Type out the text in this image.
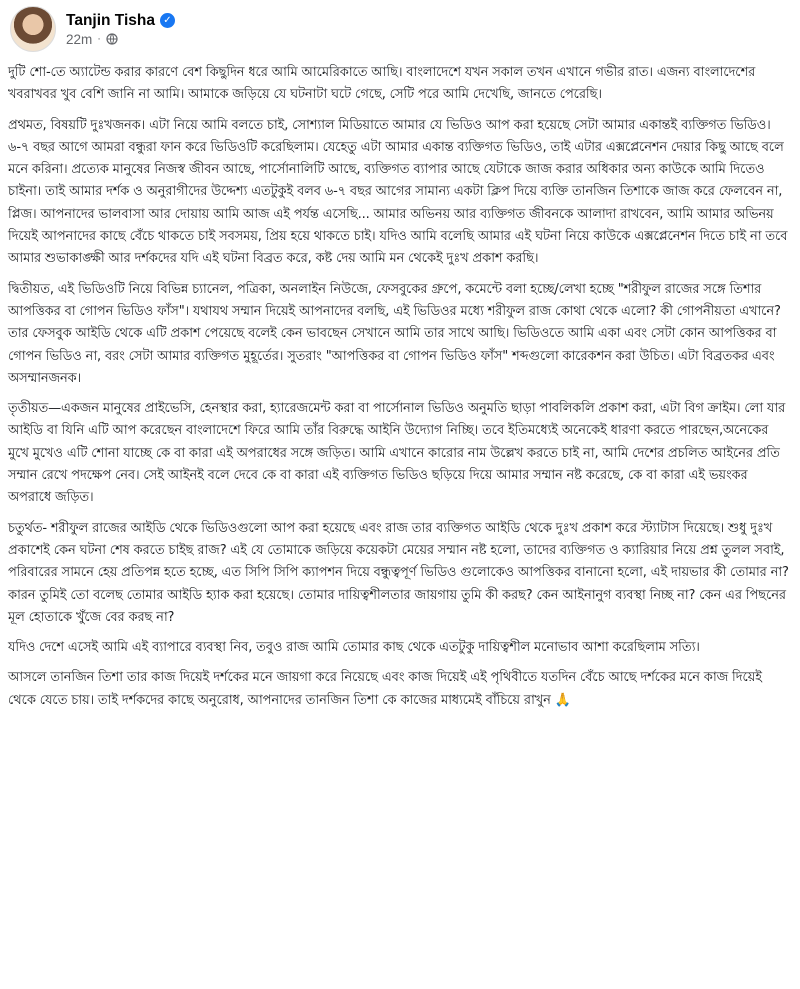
Tanjin Tisha ✓
22m ·

দুটি শো-তে অ্যাটেন্ড করার কারণে বেশ কিছুদিন ধরে আমি আমেরিকাতে আছি। বাংলাদেশে যখন সকাল তখন এখানে গভীর রাত। এজন্য বাংলাদেশের খবরাখবর খুব বেশি জানি না আমি। আমাকে জড়িয়ে যে ঘটনাটা ঘটে গেছে, সেটি পরে আমি দেখেছি, জানতে পেরেছি।

প্রথমত, বিষয়টি দুঃখজনক। এটা নিয়ে আমি বলতে চাই, সোশ্যাল মিডিয়াতে আমার যে ভিডিও আপ করা হয়েছে সেটা আমার একান্তই ব্যক্তিগত ভিডিও। ৬-৭ বছর আগে আমরা বন্ধুরা ফান করে ভিডিওটি করেছিলাম। যেহেতু এটা আমার একান্ত ব্যক্তিগত ভিডিও, তাই এটার এক্সপ্লেনেশন দেয়ার কিছু আছে বলে মনে করিনা। প্রত্যেক মানুষের নিজস্ব জীবন আছে, পার্সোনালিটি আছে, ব্যক্তিগত ব্যাপার আছে যেটাকে জাজ করার অধিকার অন্য কাউকে আমি দিতেও চাইনা। তাই আমার দর্শক ও অনুরাগীদের উদ্দেশ্য এতটুকুই বলব ৬-৭ বছর আগের সামান্য একটা ক্লিপ দিয়ে ব্যক্তি তানজিন তিশাকে জাজ করে ফেলবেন না, প্লিজ। আপনাদের ভালবাসা আর দোয়ায় আমি আজ এই পর্যন্ত এসেছি... আমার অভিনয় আর ব্যক্তিগত জীবনকে আলাদা রাখবেন, আমি আমার অভিনয় দিয়েই আপনাদের কাছে বেঁচে থাকতে চাই সবসময়, প্রিয় হয়ে থাকতে চাই। যদিও আমি বলেছি আমার এই ঘটনা নিয়ে কাউকে এক্সপ্লেনেশন দিতে চাই না তবে আমার শুভাকাঙ্ক্ষী আর দর্শকদের যদি এই ঘটনা বিব্রত করে, কষ্ট দেয় আমি মন থেকেই দুঃখ প্রকাশ করছি।

দ্বিতীয়ত, এই ভিডিওটি নিয়ে বিভিন্ন চ্যানেল, পত্রিকা, অনলাইন নিউজে, ফেসবুকের গ্রুপে, কমেন্টে বলা হচ্ছে/লেখা হচ্ছে "শরীফুল রাজের সঙ্গে তিশার আপত্তিকর বা গোপন ভিডিও ফাঁস"। যথাযথ সম্মান দিয়েই আপনাদের বলছি, এই ভিডিওর মধ্যে শরীফুল রাজ কোথা থেকে এলো? কী গোপনীয়তা এখানে? তার ফেসবুক আইডি থেকে এটি প্রকাশ পেয়েছে বলেই কেন ভাবছেন সেখানে আমি তার সাথে আছি। ভিডিওতে আমি একা এবং সেটা কোন আপত্তিকর বা গোপন ভিডিও না, বরং সেটা আমার ব্যক্তিগত মুহূর্তের। সুতরাং "আপত্তিকর বা গোপন ভিডিও ফাঁস" শব্দগুলো কারেকশন করা উচিত। এটা বিব্রতকর এবং অসম্মানজনক।

তৃতীয়ত—একজন মানুষের প্রাইভেসি, হেনস্থার করা, হ্যারেজমেন্ট করা বা পার্সোনাল ভিডিও অনুমতি ছাড়া পাবলিকলি প্রকাশ করা, এটা বিগ ক্রাইম। লো যার আইডি বা যিনি এটি আপ করেছেন বাংলাদেশে ফিরে আমি তাঁর বিরুদ্ধে আইনি উদ্যোগ নিচ্ছি। তবে ইতিমধ্যেই অনেকেই ধারণা করতে পারছেন,অনেকের মুখে মুখেও এটি শোনা যাচ্ছে কে বা কারা এই অপরাধের সঙ্গে জড়িত। আমি এখানে কারোর নাম উল্লেখ করতে চাই না, আমি দেশের প্রচলিত আইনের প্রতি সম্মান রেখে পদক্ষেপ নেব। সেই আইনই বলে দেবে কে বা কারা এই ব্যক্তিগত ভিডিও ছড়িয়ে দিয়ে আমার সম্মান নষ্ট করেছে, কে বা কারা এই ভয়ংকর অপরাধে জড়িত।

চতুর্থত- শরীফুল রাজের আইডি থেকে ভিডিওগুলো আপ করা হয়েছে এবং রাজ তার ব্যক্তিগত আইডি থেকে দুঃখ প্রকাশ করে স্ট্যাটাস দিয়েছে। শুধু দুঃখ প্রকাশেই কেন ঘটনা শেষ করতে চাইছ রাজ? এই যে তোমাকে জড়িয়ে কয়েকটা মেয়ের সম্মান নষ্ট হলো, তাদের ব্যক্তিগত ও ক্যারিয়ার নিয়ে প্রশ্ন তুলল সবাই, পরিবারের সামনে হেয় প্রতিপন্ন হতে হচ্ছে, এত সিপি সিপি ক্যাপশন দিয়ে বন্ধুত্বপূর্ণ ভিডিও গুলোকেও আপত্তিকর বানানো হলো, এই দায়ভার কী তোমার না? কারন তুমিই তো বলেছ তোমার আইডি হ্যাক করা হয়েছে। তোমার দায়িত্বশীলতার জায়গায় তুমি কী করছ? কেন আইনানুগ ব্যবস্থা নিচ্ছ না? কেন এর পিছনের মূল হোতাকে খুঁজে বের করছ না?

যদিও দেশে এসেই আমি এই ব্যাপারে ব্যবস্থা নিব, তবুও রাজ আমি তোমার কাছ থেকে এতটুকু দায়িত্বশীল মনোভাব আশা করেছিলাম সত্যি।

আসলে তানজিন তিশা তার কাজ দিয়েই দর্শকের মনে জায়গা করে নিয়েছে এবং কাজ দিয়েই এই পৃথিবীতে যতদিন বেঁচে আছে দর্শকের মনে কাজ দিয়েই থেকে যেতে চায়। তাই দর্শকদের কাছে অনুরোধ, আপনাদের তানজিন তিশা কে কাজের মাধ্যমেই বাঁচিয়ে রাখুন 🙏
